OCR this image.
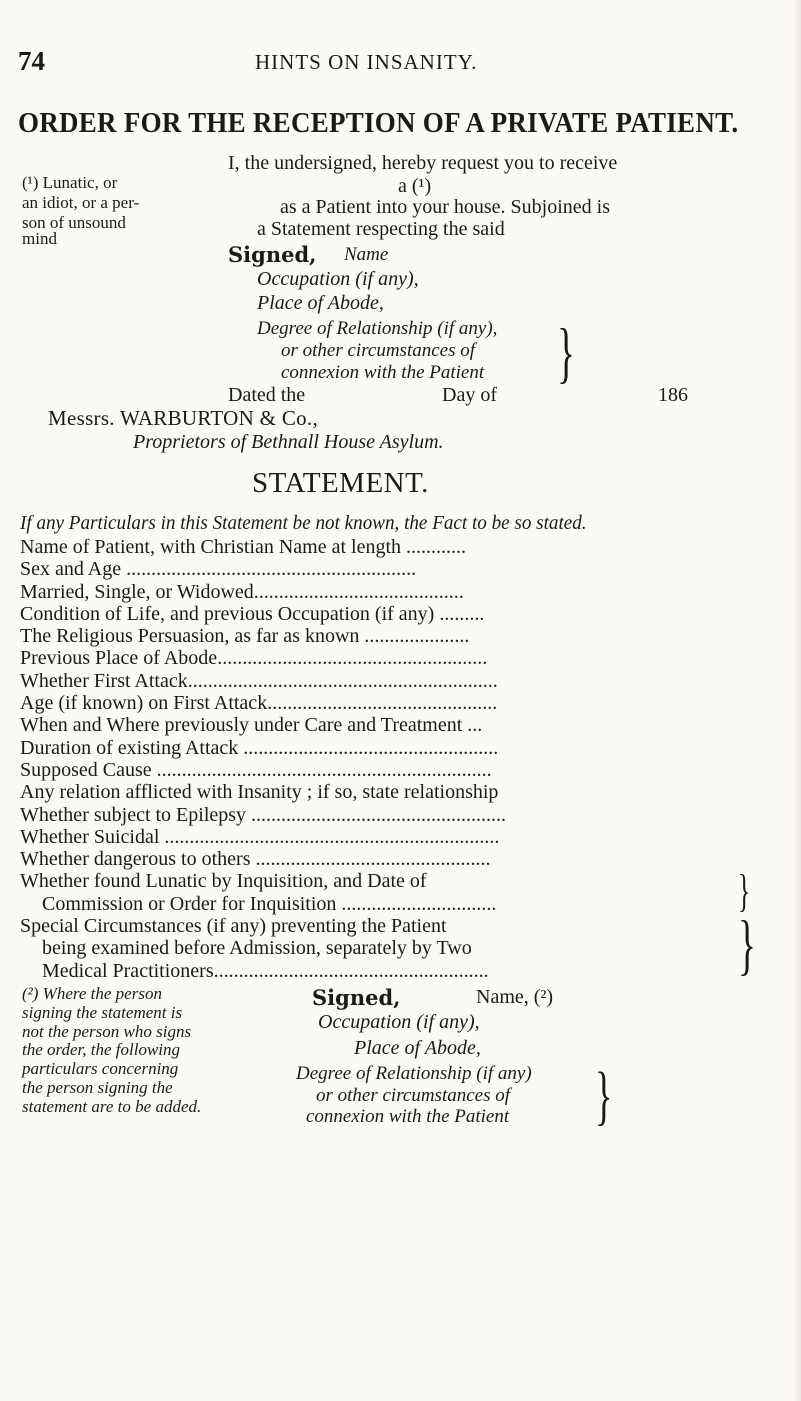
74	HINTS ON INSANITY.
ORDER FOR THE RECEPTION OF A PRIVATE PATIENT.
(¹) Lunatic, or
an idiot, or a per-
son of unsound
mind
I, the undersigned, hereby request you to receive
a (¹)
as a Patient into your house. Subjoined is
a Statement respecting the said
Signed, Name
Occupation (if any),
Place of Abode,
Degree of Relationship (if any),
or other circumstances of
connexion with the Patient }
Dated the	Day of	186
Messrs. WARBURTON & Co.,
Proprietors of Bethnall House Asylum.
STATEMENT.
If any Particulars in this Statement be not known, the Fact to be so stated.
Name of Patient, with Christian Name at length ............
Sex and Age ..........................................................
Married, Single, or Widowed..........................................
Condition of Life, and previous Occupation (if any) .........
The Religious Persuasion, as far as known .....................
Previous Place of Abode......................................................
Whether First Attack..............................................................
Age (if known) on First Attack..............................................
When and Where previously under Care and Treatment ...
Duration of existing Attack ...................................................
Supposed Cause ...................................................................
Any relation afflicted with Insanity ; if so, state relationship
Whether subject to Epilepsy ...................................................
Whether Suicidal ...................................................................
Whether dangerous to others ...............................................
Whether found Lunatic by Inquisition, and Date of
Commission or Order for Inquisition ...............................
Special Circumstances (if any) preventing the Patient
being examined before Admission, separately by Two
Medical Practitioners.......................................................
}
}
(²) Where the person
signing the statement is
not the person who signs
the order, the following
particulars concerning
the person signing the
statement are to be added.
Signed,	Name, (²)
Occupation (if any),
Place of Abode,
Degree of Relationship (if any)
or other circumstances of
connexion with the Patient	}
